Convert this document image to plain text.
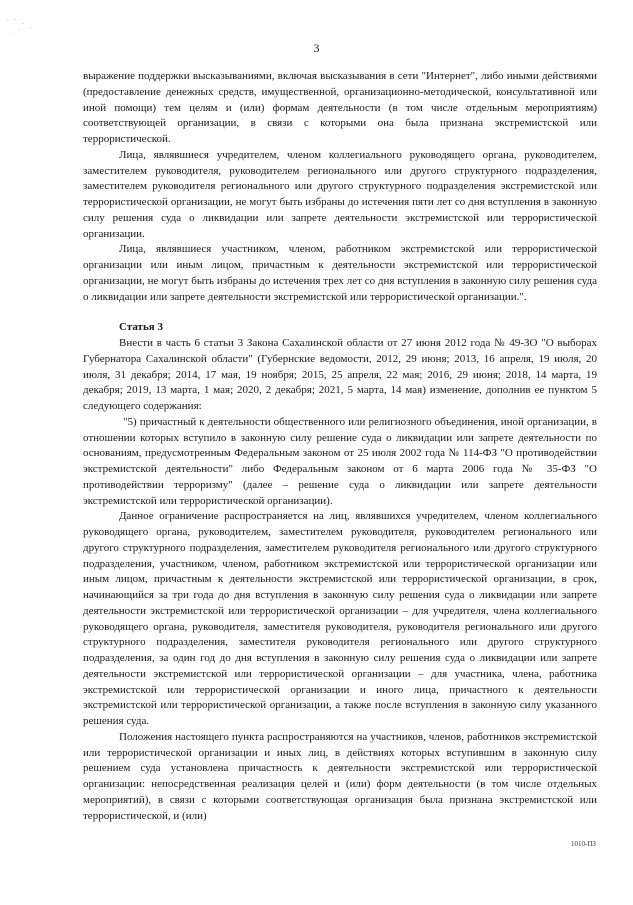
˙ ` .
ˌ ·  `
3

выражение поддержки высказываниями, включая высказывания в сети "Интернет", либо иными действиями (предоставление денежных средств, имущественной, организационно-методической, консультативной или иной помощи) тем целям и (или) формам деятельности (в том числе отдельным мероприятиям) соответствующей организации, в связи с которыми она была признана экстремистской или террористической.

Лица, являвшиеся учредителем, членом коллегиального руководящего органа, руководителем, заместителем руководителя, руководителем регионального или другого структурного подразделения, заместителем руководителя регионального или другого структурного подразделения экстремистской или террористической организации, не могут быть избраны до истечения пяти лет со дня вступления в законную силу решения суда о ликвидации или запрете деятельности экстремистской или террористической организации.

Лица, являвшиеся участником, членом, работником экстремистской или террористической организации или иным лицом, причастным к деятельности экстремистской или террористической организации, не могут быть избраны до истечения трех лет со дня вступления в законную силу решения суда о ликвидации или запрете деятельности экстремистской или террористической организации.".

Статья 3

Внести в часть 6 статьи 3 Закона Сахалинской области от 27 июня 2012 года № 49-ЗО "О выборах Губернатора Сахалинской области" (Губернские ведомости, 2012, 29 июня; 2013, 16 апреля, 19 июля, 20 июля, 31 декабря; 2014, 17 мая, 19 ноября; 2015, 25 апреля, 22 мая; 2016, 29 июня; 2018, 14 марта, 19 декабря; 2019, 13 марта, 1 мая; 2020, 2 декабря; 2021, 5 марта, 14 мая) изменение, дополнив ее пунктом 5 следующего содержания:

"5) причастный к деятельности общественного или религиозного объединения, иной организации, в отношении которых вступило в законную силу решение суда о ликвидации или запрете деятельности по основаниям, предусмотренным Федеральным законом от 25 июля 2002 года № 114-ФЗ "О противодействии экстремистской деятельности" либо Федеральным законом от 6 марта 2006 года № 35-ФЗ "О противодействии терроризму" (далее – решение суда о ликвидации или запрете деятельности экстремистской или террористической организации).

Данное ограничение распространяется на лиц, являвшихся учредителем, членом коллегиального руководящего органа, руководителем, заместителем руководителя, руководителем регионального или другого структурного подразделения, заместителем руководителя регионального или другого структурного подразделения, участником, членом, работником экстремистской или террористической организации или иным лицом, причастным к деятельности экстремистской или террористической организации, в срок, начинающийся за три года до дня вступления в законную силу решения суда о ликвидации или запрете деятельности экстремистской или террористической организации – для учредителя, члена коллегиального руководящего органа, руководителя, заместителя руководителя, руководителя регионального или другого структурного подразделения, заместителя руководителя регионального или другого структурного подразделения, за один год до дня вступления в законную силу решения суда о ликвидации или запрете деятельности экстремистской или террористической организации – для участника, члена, работника экстремистской или террористической организации и иного лица, причастного к деятельности экстремистской или террористической организации, а также после вступления в законную силу указанного решения суда.

Положения настоящего пункта распространяются на участников, членов, работников экстремистской или террористической организации и иных лиц, в действиях которых вступившим в законную силу решением суда установлена причастность к деятельности экстремистской или террористической организации: непосредственная реализация целей и (или) форм деятельности (в том числе отдельных мероприятий), в связи с которыми соответствующая организация была признана экстремистской или террористической, и (или)

1010-ПЗ
